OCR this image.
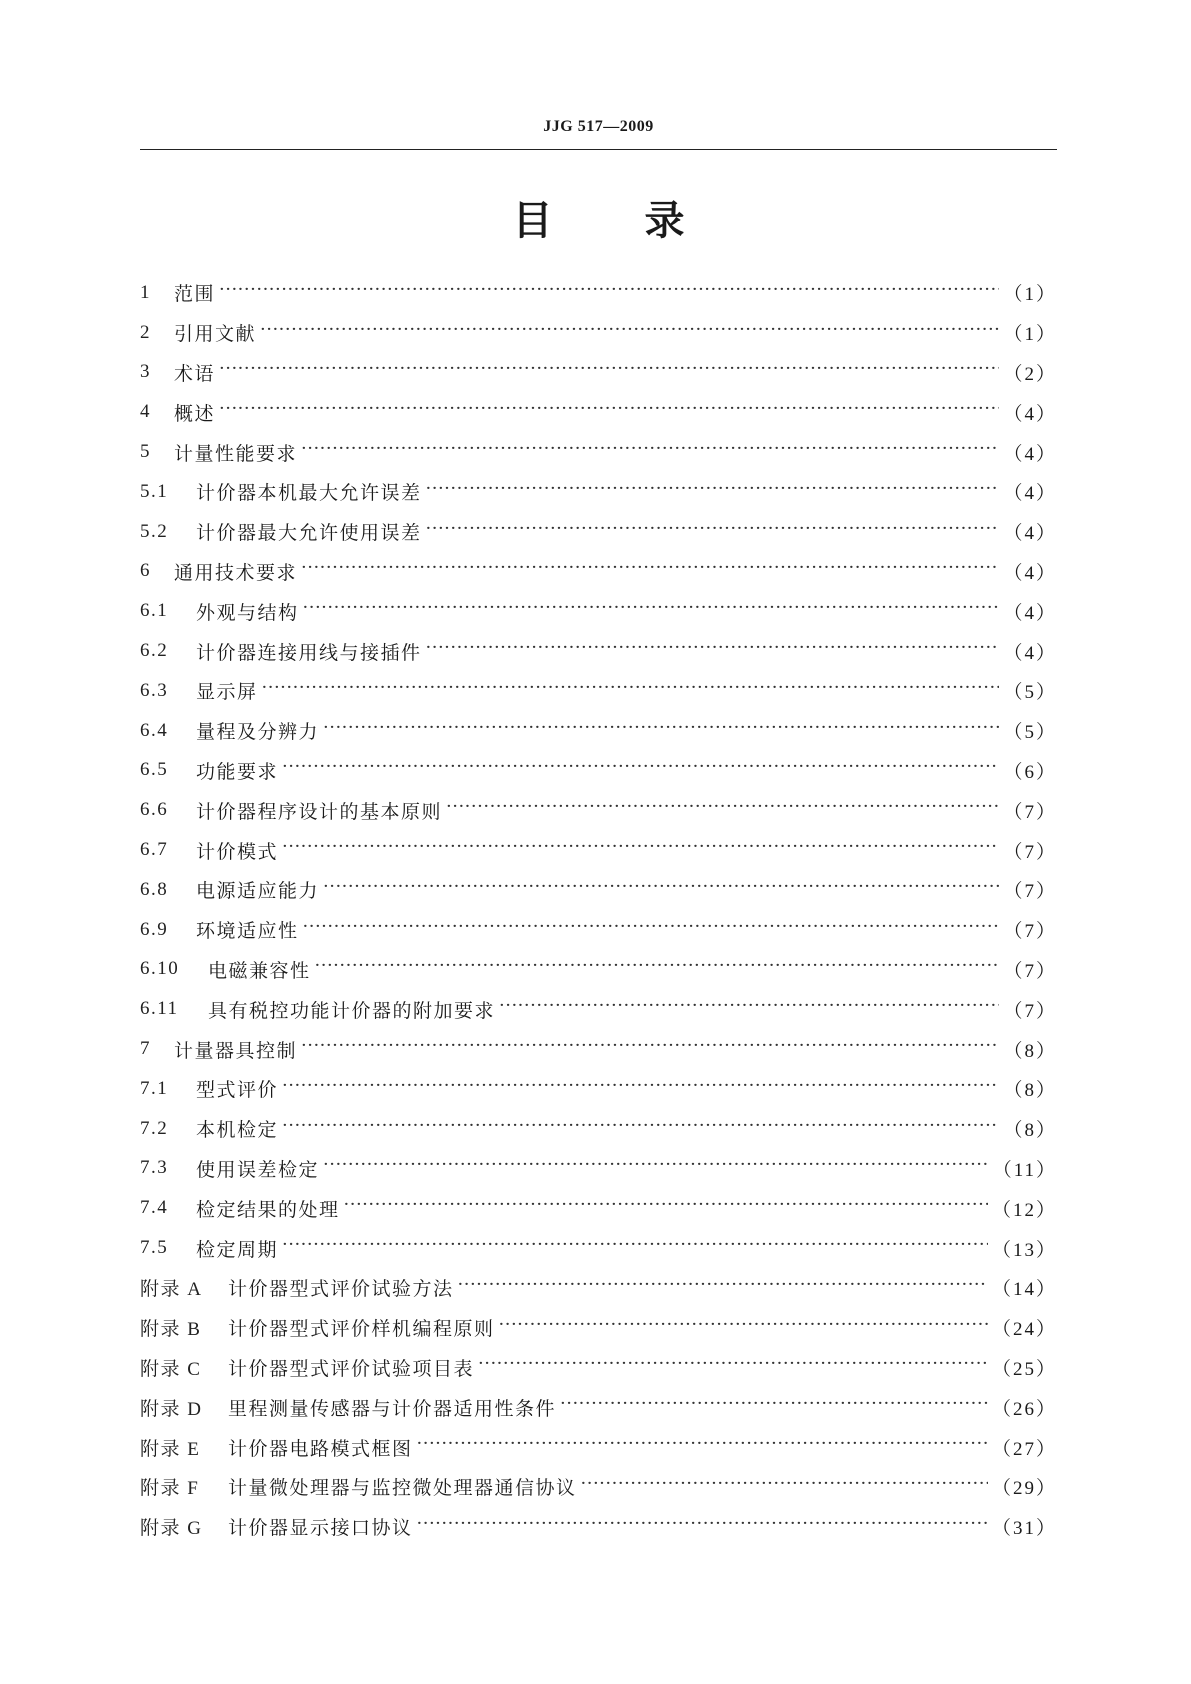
JJG 517—2009
目 录
1	范围 ·····	（1）
2	引用文献 ·····	（1）
3	术语 ·····	（2）
4	概述 ·····	（4）
5	计量性能要求 ·····	（4）
5.1	计价器本机最大允许误差 ·····	（4）
5.2	计价器最大允许使用误差 ·····	（4）
6	通用技术要求 ·····	（4）
6.1	外观与结构 ·····	（4）
6.2	计价器连接用线与接插件 ·····	（4）
6.3	显示屏 ·····	（5）
6.4	量程及分辨力 ·····	（5）
6.5	功能要求 ·····	（6）
6.6	计价器程序设计的基本原则 ·····	（7）
6.7	计价模式 ·····	（7）
6.8	电源适应能力 ·····	（7）
6.9	环境适应性 ·····	（7）
6.10	电磁兼容性 ·····	（7）
6.11	具有税控功能计价器的附加要求 ·····	（7）
7	计量器具控制 ·····	（8）
7.1	型式评价 ·····	（8）
7.2	本机检定 ·····	（8）
7.3	使用误差检定 ·····	（11）
7.4	检定结果的处理 ·····	（12）
7.5	检定周期 ·····	（13）
附录 A	计价器型式评价试验方法 ·····	（14）
附录 B	计价器型式评价样机编程原则 ·····	（24）
附录 C	计价器型式评价试验项目表 ·····	（25）
附录 D	里程测量传感器与计价器适用性条件 ·····	（26）
附录 E	计价器电路模式框图 ·····	（27）
附录 F	计量微处理器与监控微处理器通信协议 ·····	（29）
附录 G	计价器显示接口协议 ·····	（31）
